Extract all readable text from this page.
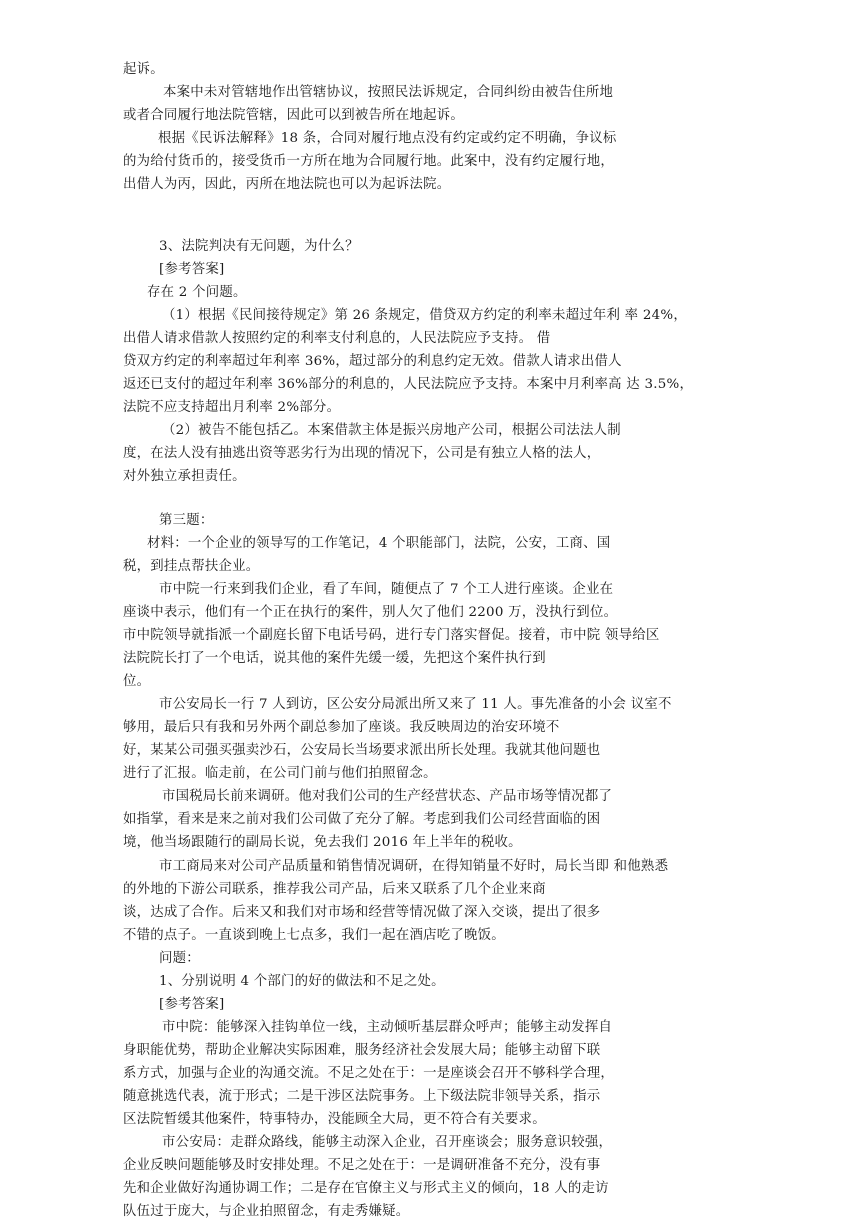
起诉。
本案中未对管辖地作出管辖协议，按照民法诉规定，合同纠纷由被告住所地
或者合同履行地法院管辖，因此可以到被告所在地起诉。
根据《民诉法解释》18 条，合同对履行地点没有约定或约定不明确，争议标
的为给付货币的，接受货币一方所在地为合同履行地。此案中，没有约定履行地，
出借人为丙，因此，丙所在地法院也可以为起诉法院。
3、法院判决有无问题，为什么？
[参考答案]
存在 2 个问题。
（1）根据《民间接待规定》第 26 条规定，借贷双方约定的利率未超过年利 率 24%，
出借人请求借款人按照约定的利率支付利息的，人民法院应予支持。 借
贷双方约定的利率超过年利率 36%，超过部分的利息约定无效。借款人请求出借人
返还已支付的超过年利率 36%部分的利息的，人民法院应予支持。本案中月利率高 达 3.5%，
法院不应支持超出月利率 2%部分。
（2）被告不能包括乙。本案借款主体是振兴房地产公司，根据公司法法人制
度，在法人没有抽逃出资等恶劣行为出现的情况下，公司是有独立人格的法人，
对外独立承担责任。
第三题：
材料：一个企业的领导写的工作笔记，4 个职能部门，法院，公安，工商、国
税，到挂点帮扶企业。
市中院一行来到我们企业，看了车间，随便点了 7 个工人进行座谈。企业在
座谈中表示，他们有一个正在执行的案件，别人欠了他们 2200 万，没执行到位。
市中院领导就指派一个副庭长留下电话号码，进行专门落实督促。接着，市中院 领导给区
法院院长打了一个电话，说其他的案件先缓一缓，先把这个案件执行到
位。
市公安局长一行 7 人到访，区公安分局派出所又来了 11 人。事先准备的小会 议室不
够用，最后只有我和另外两个副总参加了座谈。我反映周边的治安环境不
好，某某公司强买强卖沙石，公安局长当场要求派出所长处理。我就其他问题也
进行了汇报。临走前，在公司门前与他们拍照留念。
市国税局长前来调研。他对我们公司的生产经营状态、产品市场等情况都了
如指掌，看来是来之前对我们公司做了充分了解。考虑到我们公司经营面临的困
境，他当场跟随行的副局长说，免去我们 2016 年上半年的税收。
市工商局来对公司产品质量和销售情况调研，在得知销量不好时，局长当即 和他熟悉
的外地的下游公司联系，推荐我公司产品，后来又联系了几个企业来商
谈，达成了合作。后来又和我们对市场和经营等情况做了深入交谈，提出了很多
不错的点子。一直谈到晚上七点多，我们一起在酒店吃了晚饭。
问题：
1、分别说明 4 个部门的好的做法和不足之处。
[参考答案]
市中院：能够深入挂钩单位一线，主动倾听基层群众呼声；能够主动发挥自
身职能优势，帮助企业解决实际困难，服务经济社会发展大局；能够主动留下联
系方式，加强与企业的沟通交流。不足之处在于：一是座谈会召开不够科学合理，
随意挑选代表，流于形式；二是干涉区法院事务。上下级法院非领导关系，指示
区法院暂缓其他案件，特事特办，没能顾全大局，更不符合有关要求。
市公安局：走群众路线，能够主动深入企业，召开座谈会；服务意识较强，
企业反映问题能够及时安排处理。不足之处在于：一是调研准备不充分，没有事
先和企业做好沟通协调工作；二是存在官僚主义与形式主义的倾向，18 人的走访
队伍过于庞大，与企业拍照留念，有走秀嫌疑。
